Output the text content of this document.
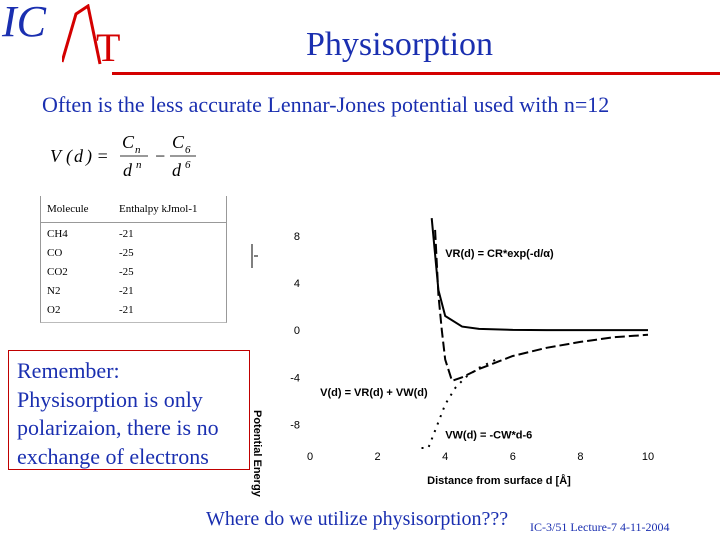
IC
T	Physisorption
Often is the less accurate Lennar-Jones potential used with n=12
V ( d ) =
C n
d n −
C 6
d 6
Molecule	Enthalpy kJmol-1
CH4	-21
CO	-25
CO2	-25
N2	-21
O2	-21
8
4
0
-4
-8
0	2	4	6	8	10
Distance from surface d [Å]
Potential Energy
VR(d) = CR*exp(-d/α)
V(d) = VR(d) + VW(d)
VW(d) = -CW*d-6
Remember:
Physisorption is only
polarizaion, there is no
exchange of electrons
Where do we utilize physisorption??? IC-3/51 Lecture-7 4-11-2004
